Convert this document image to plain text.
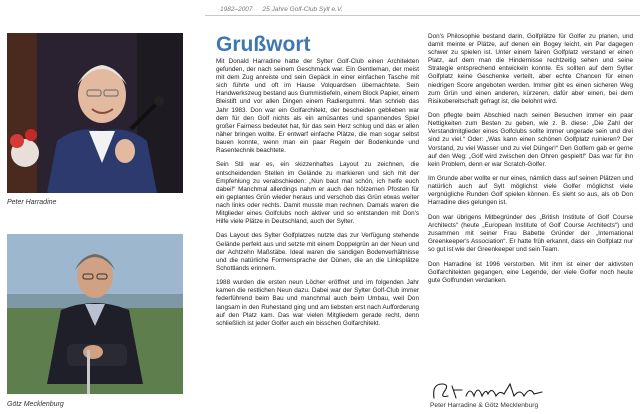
1982–2007 25 Jahre Golf-Club Sylt e.V.
Peter Harradine
Götz Mecklenburg
Grußwort

Mit Donald Harradine hatte der Sylter Golf-Club einen Architekten gefunden, der nach seinem Geschmack war. Ein Gentleman, der meist mit dem Zug anreiste und sein Gepäck in einer einfachen Tasche mit sich führte und oft im Hause Volquardsen übernachtete. Sein Handwerkszeug bestand aus Gummistiefeln, einem Block Papier, einem Bleistift und vor allen Dingen einem Radiergummi. Man schrieb das Jahr 1983. Don war ein Golfarchitekt, der bescheiden geblieben war dem für den Golf nichts als ein amüsantes und spannendes Spiel großer Fairness bedeutet hat, für das sein Herz schlug und das er allen näher bringen wollte. Er entwarf einfache Plätze, die man sogar selbst bauen konnte, wenn man ein paar Regeln der Bodenkunde und Rasentechnik beachtete.

Sein Stil war es, ein skizzenhaftes Layout zu zeichnen, die entscheidenden Stellen im Gelände zu markieren und sich mit der Empfehlung zu verabschieden: „Nun baut mal schön, ich helfe euch dabei!“ Manchmal allerdings nahm er auch den hölzernen Pfosten für ein geplantes Grün wieder heraus und verschob das Grün etwas weiter nach links oder rechts. Damit musste man rechnen. Damals waren die Mitglieder eines Golfclubs noch aktiver und so entstanden mit Don's Hilfe viele Plätze in Deutschland, auch der Sylter.

Das Layout des Sylter Golfplatzes nutzte das zur Verfügung stehende Gelände perfekt aus und setzte mit einem Doppelgrün an der Neun und der Achtzehn Maßstäbe. Ideal waren die sandigen Bodenverhältnisse und die natürliche Formensprache der Dünen, die an die Linksplätze Schottlands erinnern.

1988 wurden die ersten neun Löcher eröffnet und im folgenden Jahr kamen die restlichen Neun dazu. Dabei war der Sylter Golf-Club immer federführend beim Bau und manchmal auch beim Umbau, weil Don langsam in den Ruhestand ging und am liebsten erst nach Aufforderung auf den Platz kam. Das war vielen Mitgliedern gerade recht, denn schließlich ist jeder Golfer auch ein bisschen Golfarchitekt.

Don's Philosophie bestand darin, Golfplätze für Golfer zu planen, und damit meinte er Plätze, auf denen ein Bogey leicht, ein Par dagegen schwer zu spielen ist. Unter einem fairen Golfplatz verstand er einen Platz, auf dem man die Hindernisse rechtzeitig sehen und seine Strategie entsprechend entwickeln konnte. Es sollten auf dem Sylter Golfplatz keine Geschenke verteilt, aber echte Chancen für einen niedrigen Score angeboten werden. Immer gibt es einen sicheren Weg zum Grün und einen anderen, kürzeren, dafür aber einen, bei dem Risikobereitschaft gefragt ist, die belohnt wird.

Don pflegte beim Abschied nach seinen Besuchen immer ein paar Nettigkeiten zum Besten zu geben, wie z. B. diese: „Die Zahl der Verstandmitglieder eines Golfclubs sollte immer ungerade sein und drei sind zu viel.“ Oder: „Was kann einen schönen Golfplatz ruinieren? Der Vorstand, zu viel Wasser und zu viel Dünger!“ Den Golfern gab er gerne auf den Weg: „Golf wird zwischen den Ohren gespielt!“ Das war für ihn kein Problem, denn er war Scratch-Golfer.

Im Grunde aber wollte er nur eines, nämlich dass auf seinen Plätzen und natürlich auch auf Sylt möglichst viele Golfer möglichst viele vergnügliche Runden Golf spielen können. Es sieht so aus, als ob Don Harradine dies gelungen ist.

Don war übrigens Mitbegründer des „British Institute of Golf Course Architects“ (heute „European Institute of Golf Course Architects“) und zusammen mit seiner Frau Babette Gründer der „International Greenkeeper's Association“. Er hatte früh erkannt, dass ein Golfplatz nur so gut ist wie der Greenkeeper und sein Team.

Don Harradine ist 1996 verstorben. Mit ihm ist einer der aktivsten Golfarchitekten gegangen, eine Legende, der viele Golfer noch heute gute Golfrunden verdanken.

Peter Harradine & Götz Mecklenburg
